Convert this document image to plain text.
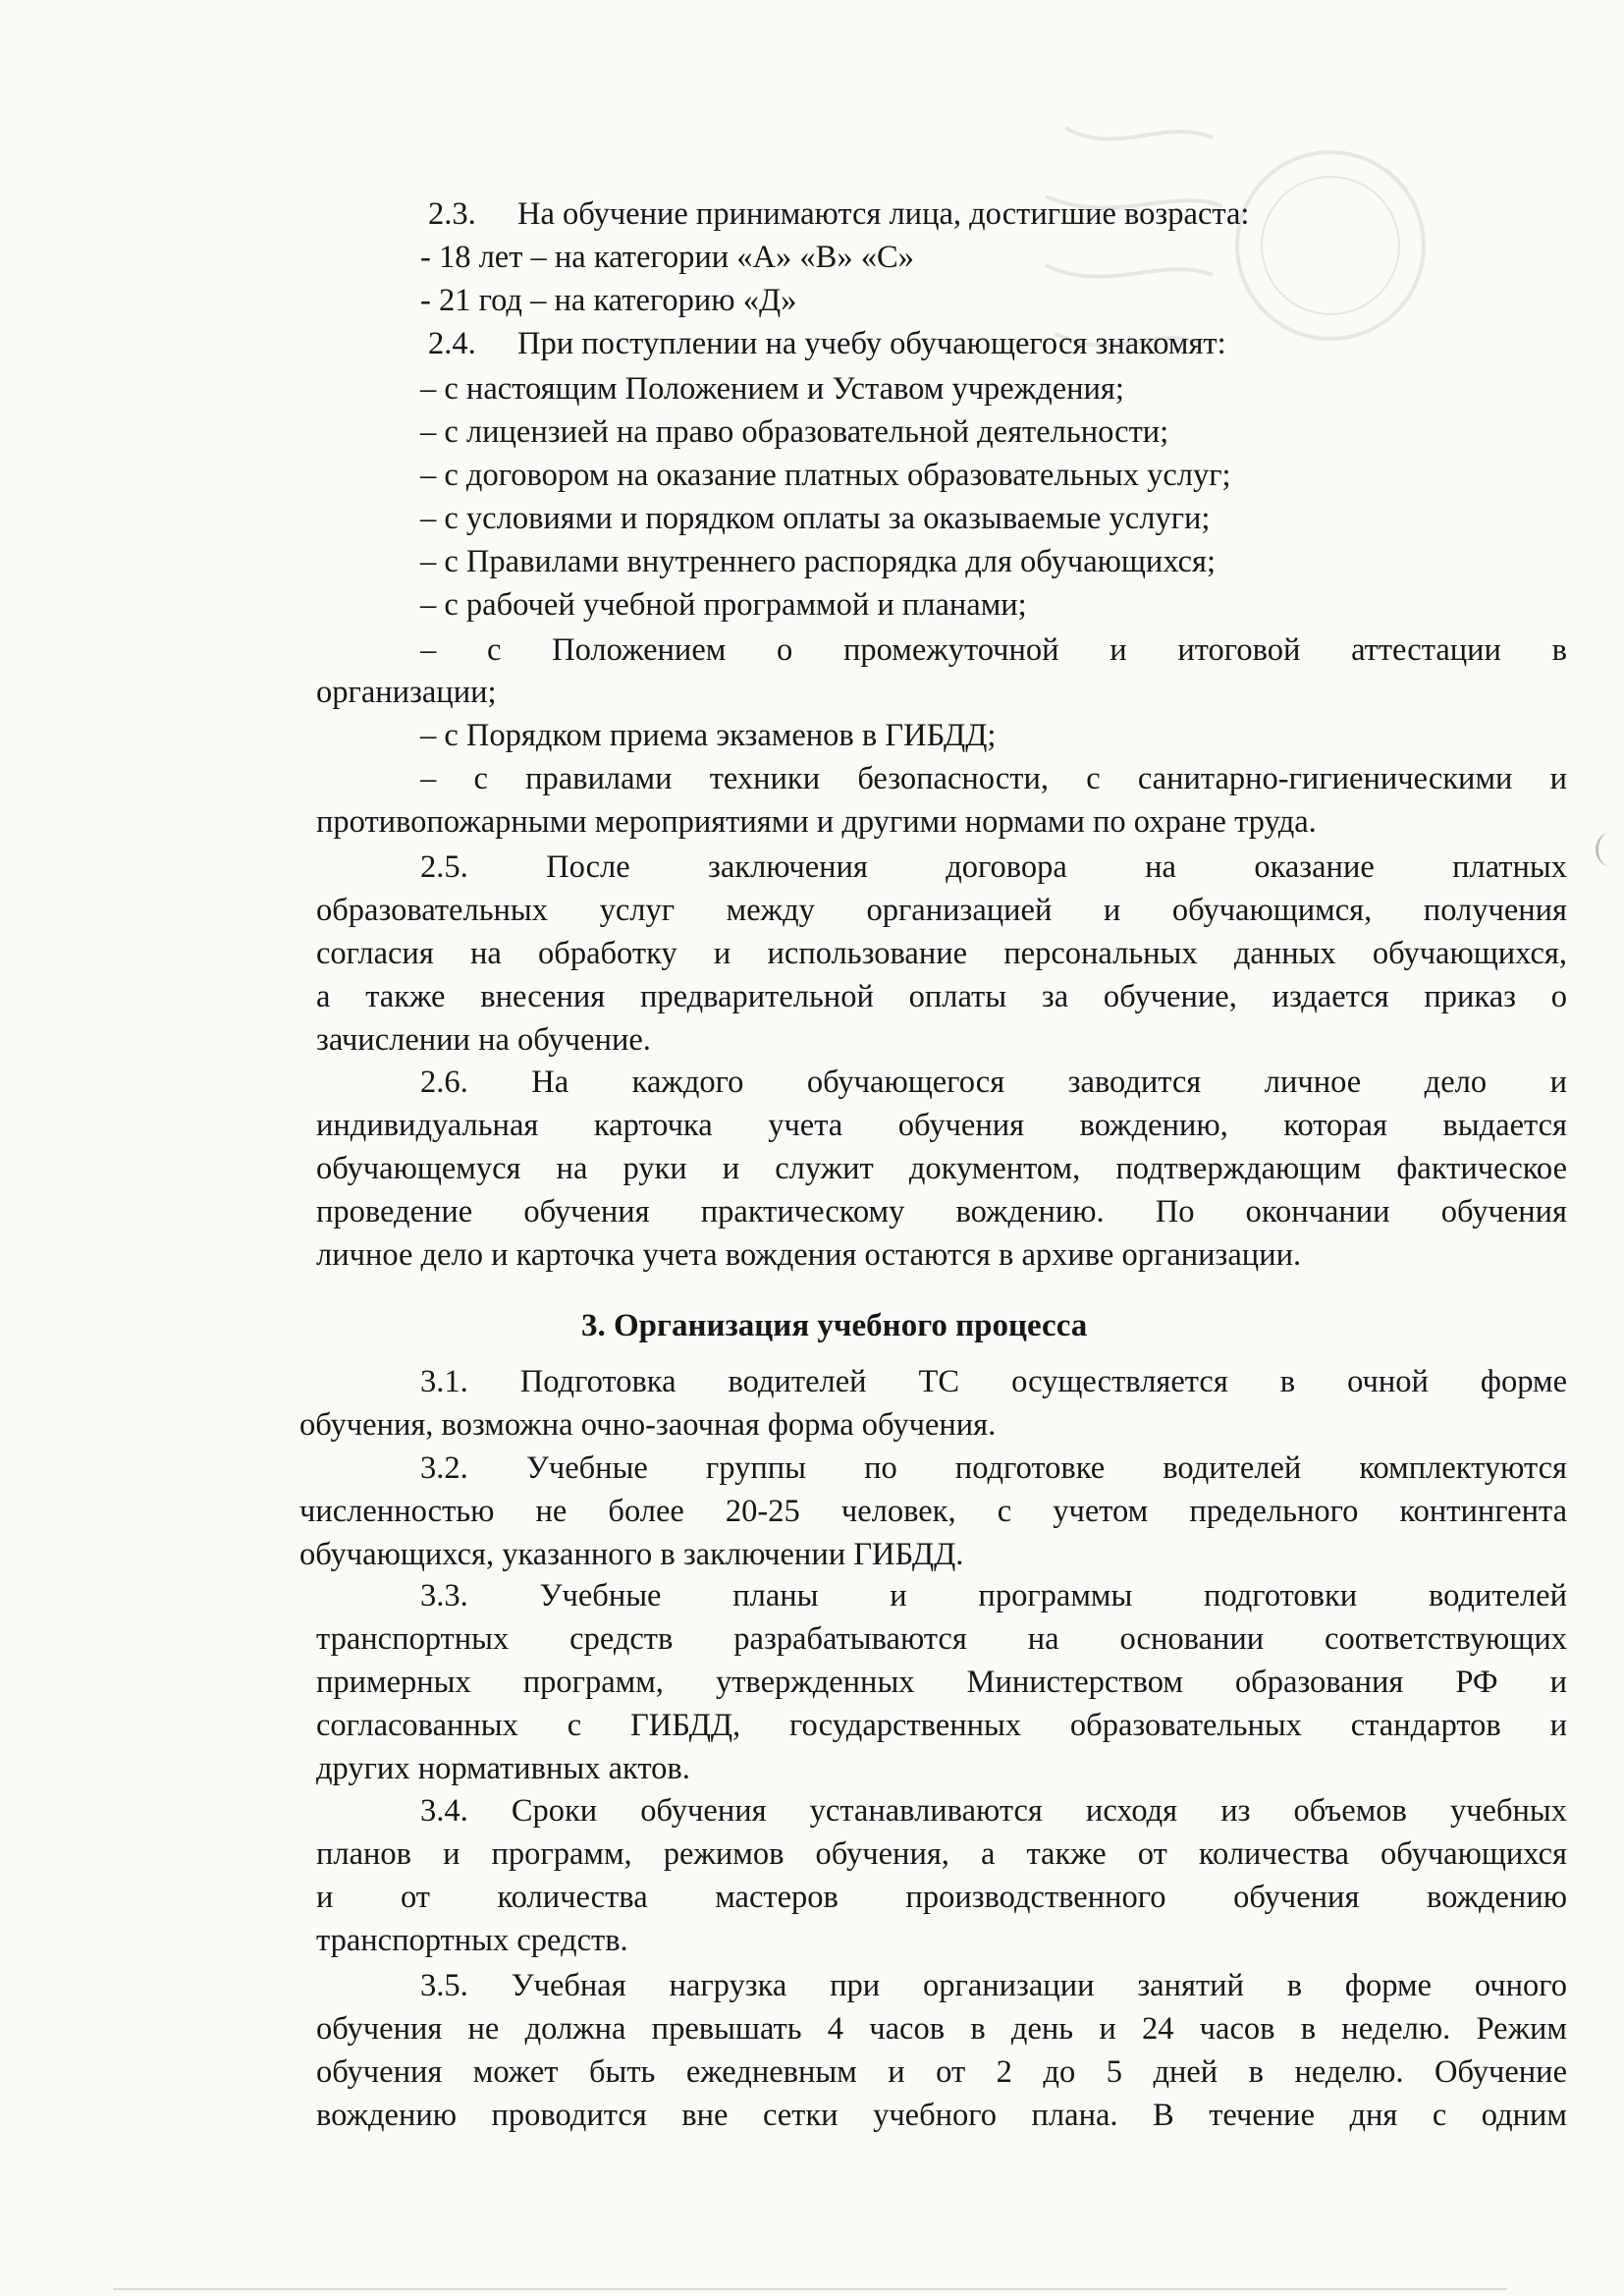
2.3. На обучение принимаются лица, достигшие возраста:
- 18 лет – на категории «А» «В» «С»
- 21 год – на категорию «Д»
2.4. При поступлении на учебу обучающегося знакомят:
– с настоящим Положением и Уставом учреждения;
– с лицензией на право образовательной деятельности;
– с договором на оказание платных образовательных услуг;
– с условиями и порядком оплаты за оказываемые услуги;
– с Правилами внутреннего распорядка для обучающихся;
– с рабочей учебной программой и планами;
– с Положением о промежуточной и итоговой аттестации в
организации;
– с Порядком приема экзаменов в ГИБДД;
– с правилами техники безопасности, с санитарно-гигиеническими и
противопожарными мероприятиями и другими нормами по охране труда.
2.5. После заключения договора на оказание платных
образовательных услуг между организацией и обучающимся, получения
согласия на обработку и использование персональных данных обучающихся,
а также внесения предварительной оплаты за обучение, издается приказ о
зачислении на обучение.
2.6. На каждого обучающегося заводится личное дело и
индивидуальная карточка учета обучения вождению, которая выдается
обучающемуся на руки и служит документом, подтверждающим фактическое
проведение обучения практическому вождению. По окончании обучения
личное дело и карточка учета вождения остаются в архиве организации.
3. Организация учебного процесса
3.1. Подготовка водителей ТС осуществляется в очной форме
обучения, возможна очно-заочная форма обучения.
3.2. Учебные группы по подготовке водителей комплектуются
численностью не более 20-25 человек, с учетом предельного контингента
обучающихся, указанного в заключении ГИБДД.
3.3. Учебные планы и программы подготовки водителей
транспортных средств разрабатываются на основании соответствующих
примерных программ, утвержденных Министерством образования РФ и
согласованных с ГИБДД, государственных образовательных стандартов и
других нормативных актов.
3.4. Сроки обучения устанавливаются исходя из объемов учебных
планов и программ, режимов обучения, а также от количества обучающихся
и от количества мастеров производственного обучения вождению
транспортных средств.
3.5. Учебная нагрузка при организации занятий в форме очного
обучения не должна превышать 4 часов в день и 24 часов в неделю. Режим
обучения может быть ежедневным и от 2 до 5 дней в неделю. Обучение
вождению проводится вне сетки учебного плана. В течение дня с одним
